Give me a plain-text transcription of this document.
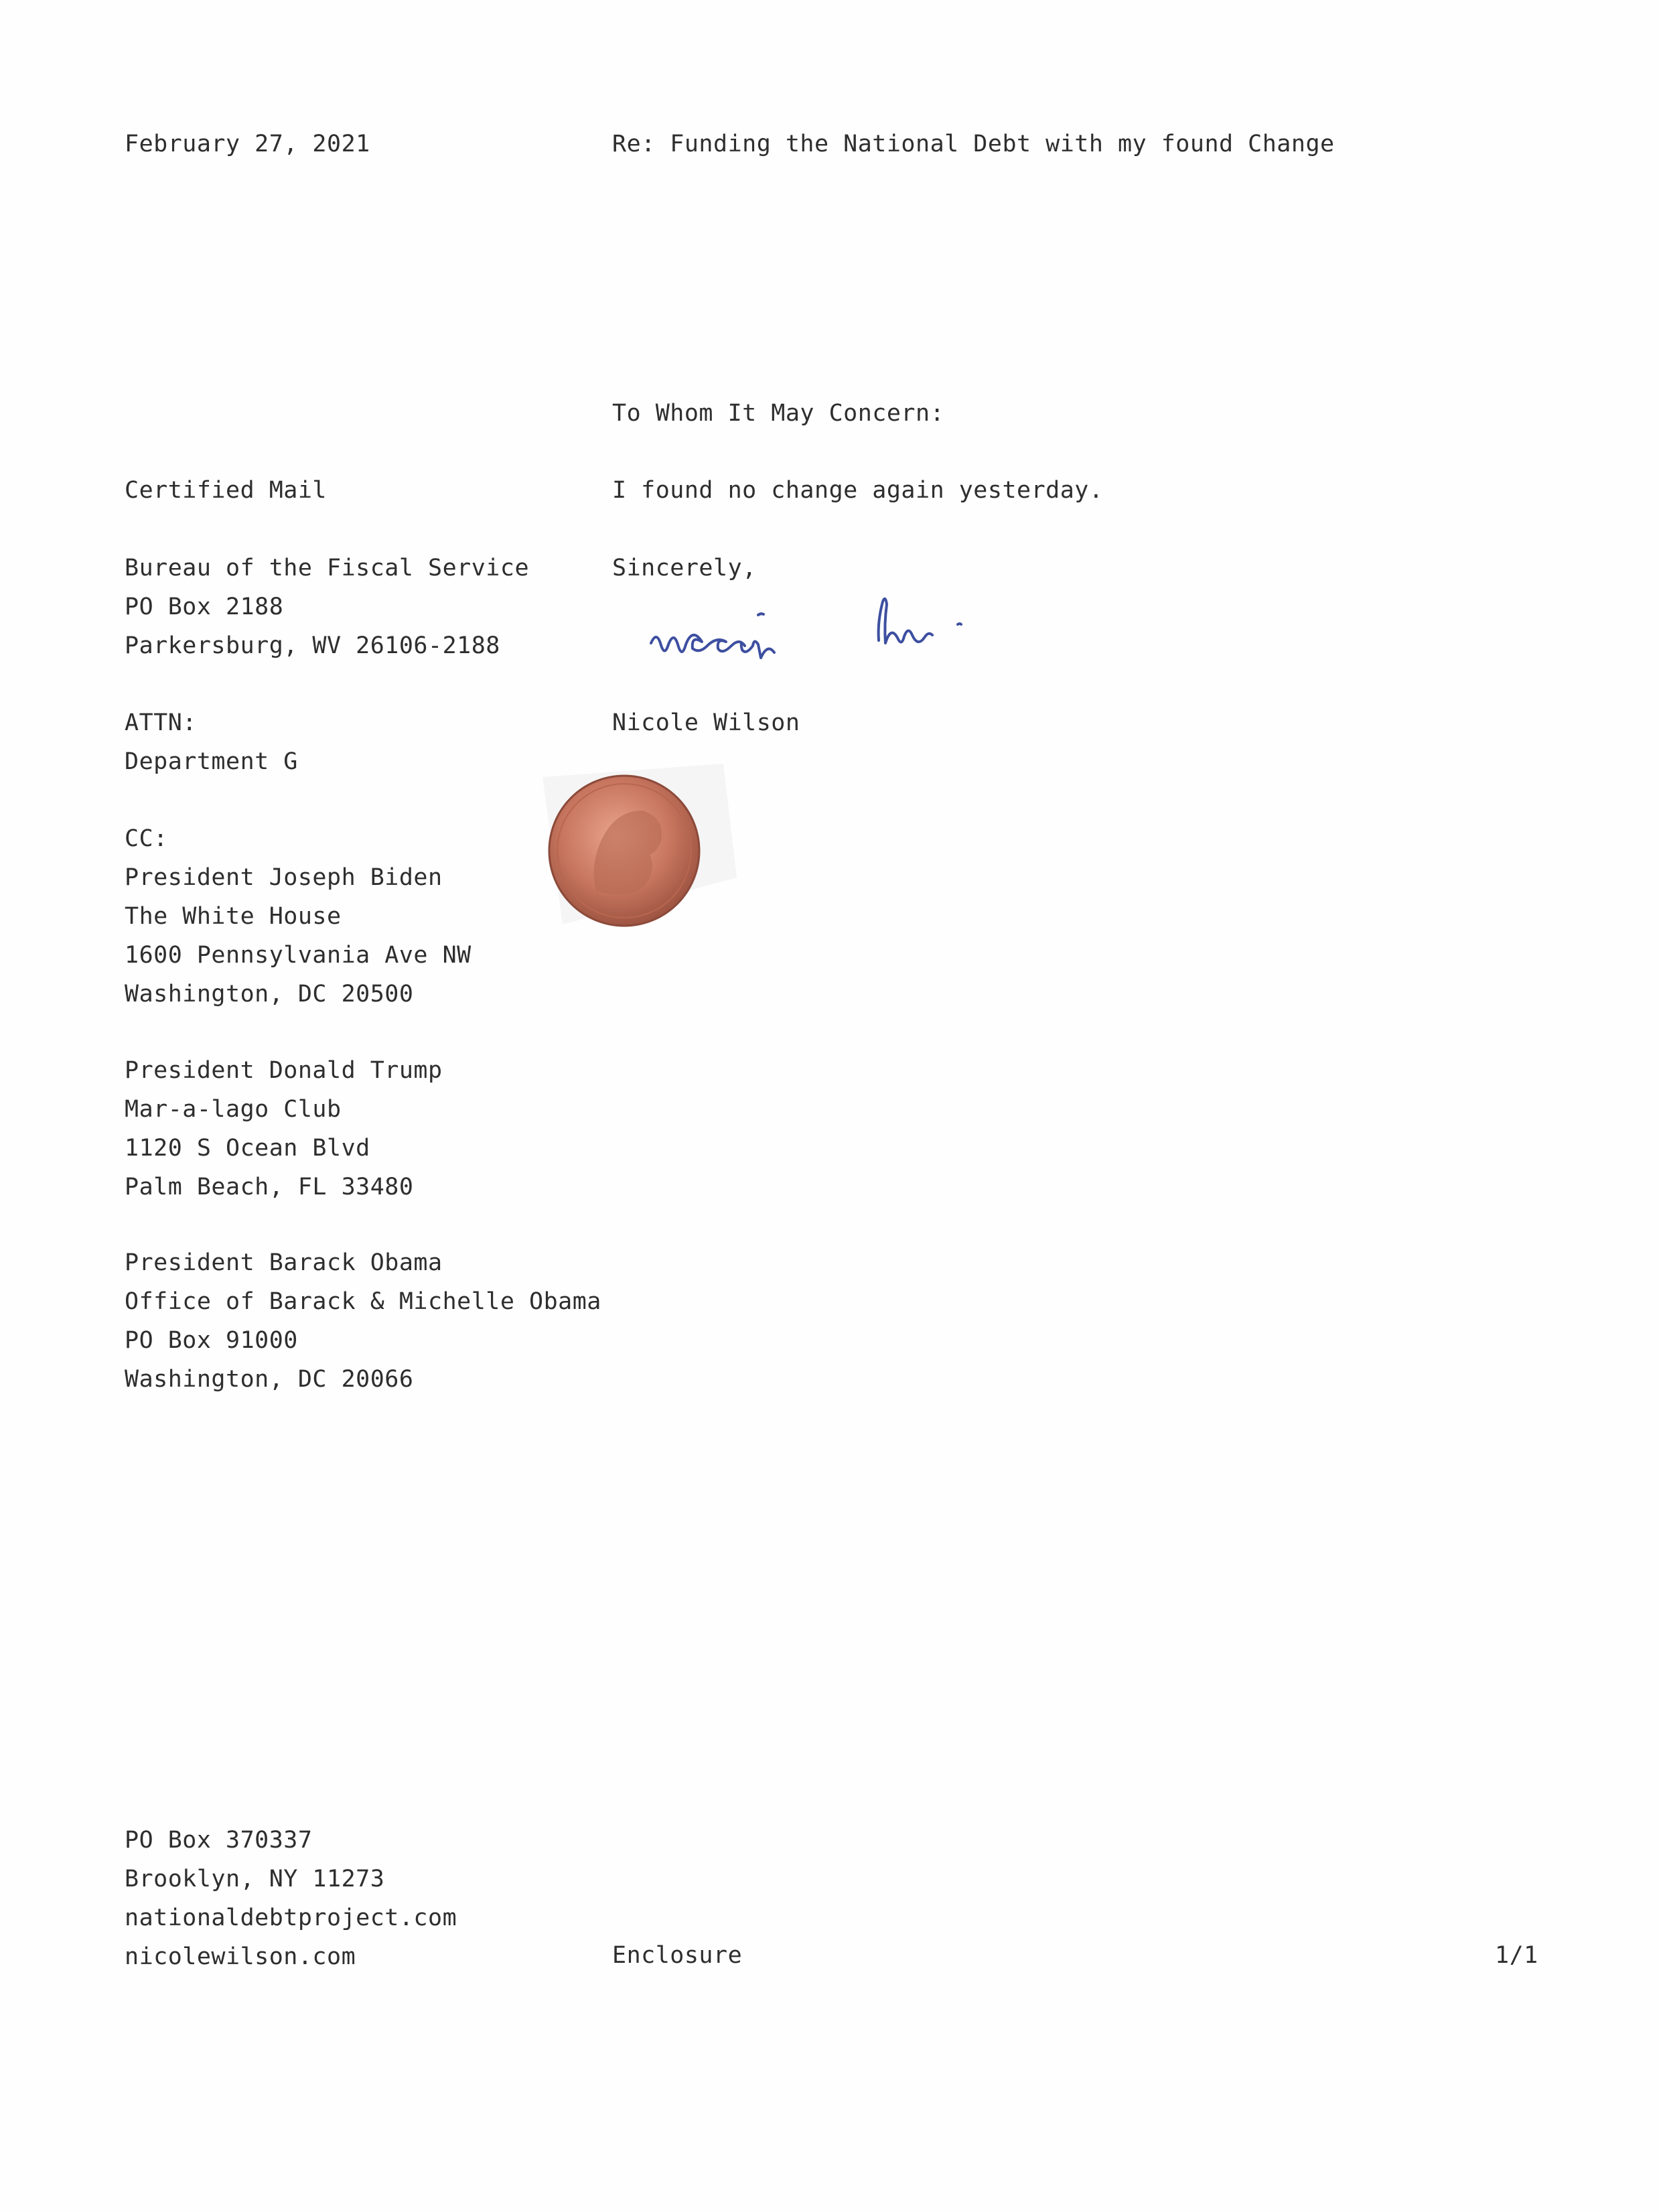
February 27, 2021	Re: Funding the National Debt with my found Change
To Whom It May Concern:
Certified Mail	I found no change again yesterday.
Bureau of the Fiscal Service
PO Box 2188
Parkersburg, WV 26106-2188
Sincerely,
ATTN:
Department G
Nicole Wilson
CC:
President Joseph Biden
The White House
1600 Pennsylvania Ave NW
Washington, DC 20500
President Donald Trump
Mar-a-lago Club
1120 S Ocean Blvd
Palm Beach, FL 33480
President Barack Obama
Office of Barack & Michelle Obama
PO Box 91000
Washington, DC 20066
PO Box 370337
Brooklyn, NY 11273
nationaldebtproject.com
nicolewilson.com	Enclosure	1/1
